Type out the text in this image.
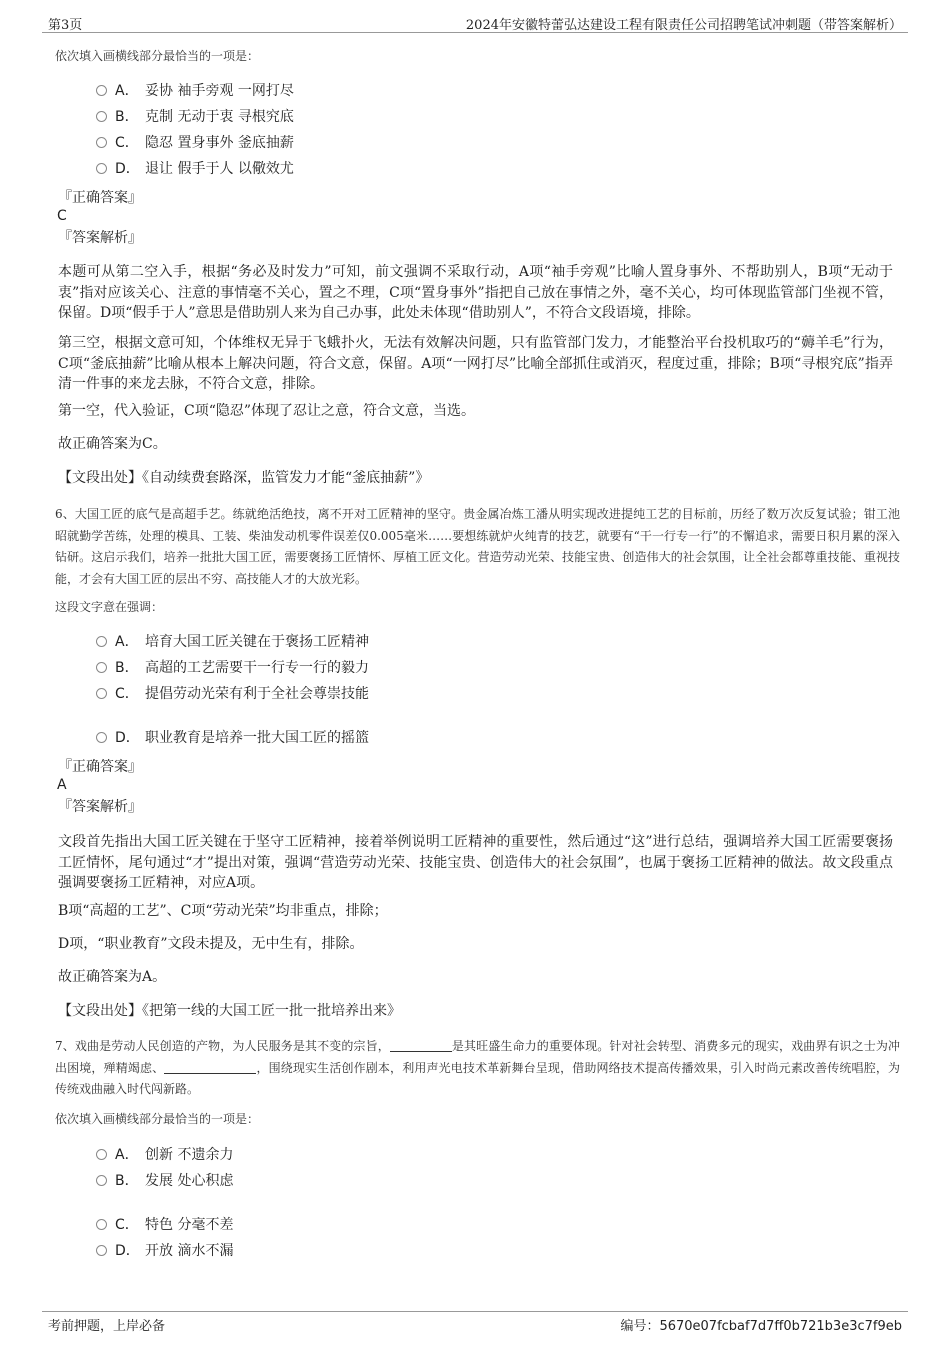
第3页	2024年安徽特蕾弘达建设工程有限责任公司招聘笔试冲刺题（带答案解析）
依次填入画横线部分最恰当的一项是：
A． 妥协 袖手旁观 一网打尽
B． 克制 无动于衷 寻根究底
C． 隐忍 置身事外 釜底抽薪
D． 退让 假手于人 以儆效尤
『正确答案』
C
『答案解析』
本题可从第二空入手，根据“务必及时发力”可知，前文强调不采取行动，A项“袖手旁观”比喻人置身事外、不帮助别人，B项“无动于衷”指对应该关心、注意的事情毫不关心，置之不理，C项“置身事外”指把自己放在事情之外，毫不关心，均可体现监管部门坐视不管，保留。D项“假手于人”意思是借助别人来为自己办事，此处未体现“借助别人”，不符合文段语境，排除。
第三空，根据文意可知，个体维权无异于飞蛾扑火，无法有效解决问题，只有监管部门发力，才能整治平台投机取巧的“薅羊毛”行为，C项“釜底抽薪”比喻从根本上解决问题，符合文意，保留。A项“一网打尽”比喻全部抓住或消灭，程度过重，排除；B项“寻根究底”指弄清一件事的来龙去脉，不符合文意，排除。
第一空，代入验证，C项“隐忍”体现了忍让之意，符合文意，当选。
故正确答案为C。
【文段出处】《自动续费套路深，监管发力才能“釜底抽薪”》
6、大国工匠的底气是高超手艺。练就绝活绝技，离不开对工匠精神的坚守。贵金属冶炼工潘从明实现改进提纯工艺的目标前，历经了数万次反复试验；钳工池昭就勤学苦练，处理的模具、工装、柴油发动机零件误差仅0.005毫米……要想练就炉火纯青的技艺，就要有“干一行专一行”的不懈追求，需要日积月累的深入钻研。这启示我们，培养一批批大国工匠，需要褒扬工匠情怀、厚植工匠文化。营造劳动光荣、技能宝贵、创造伟大的社会氛围，让全社会都尊重技能、重视技能，才会有大国工匠的层出不穷、高技能人才的大放光彩。
这段文字意在强调：
A． 培育大国工匠关键在于褒扬工匠精神
B． 高超的工艺需要干一行专一行的毅力
C． 提倡劳动光荣有利于全社会尊崇技能
D． 职业教育是培养一批大国工匠的摇篮
『正确答案』
A
『答案解析』
文段首先指出大国工匠关键在于坚守工匠精神，接着举例说明工匠精神的重要性，然后通过“这”进行总结，强调培养大国工匠需要褒扬工匠情怀，尾句通过“才”提出对策，强调“营造劳动光荣、技能宝贵、创造伟大的社会氛围”，也属于褒扬工匠精神的做法。故文段重点强调要褒扬工匠精神，对应A项。
B项“高超的工艺”、C项“劳动光荣”均非重点，排除；
D项，“职业教育”文段未提及，无中生有，排除。
故正确答案为A。
【文段出处】《把第一线的大国工匠一批一批培养出来》
7、戏曲是劳动人民创造的产物，为人民服务是其不变的宗旨，	是其旺盛生命力的重要体现。针对社会转型、消费多元的现实，戏曲界有识之士为冲出困境，殚精竭虑、	，围绕现实生活创作剧本，利用声光电技术革新舞台呈现，借助网络技术提高传播效果，引入时尚元素改善传统唱腔，为传统戏曲融入时代闯新路。
依次填入画横线部分最恰当的一项是：
A． 创新 不遗余力
B． 发展 处心积虑
C． 特色 分毫不差
D． 开放 滴水不漏
考前押题，上岸必备	编号：5670e07fcbaf7d7ff0b721b3e3c7f9eb
